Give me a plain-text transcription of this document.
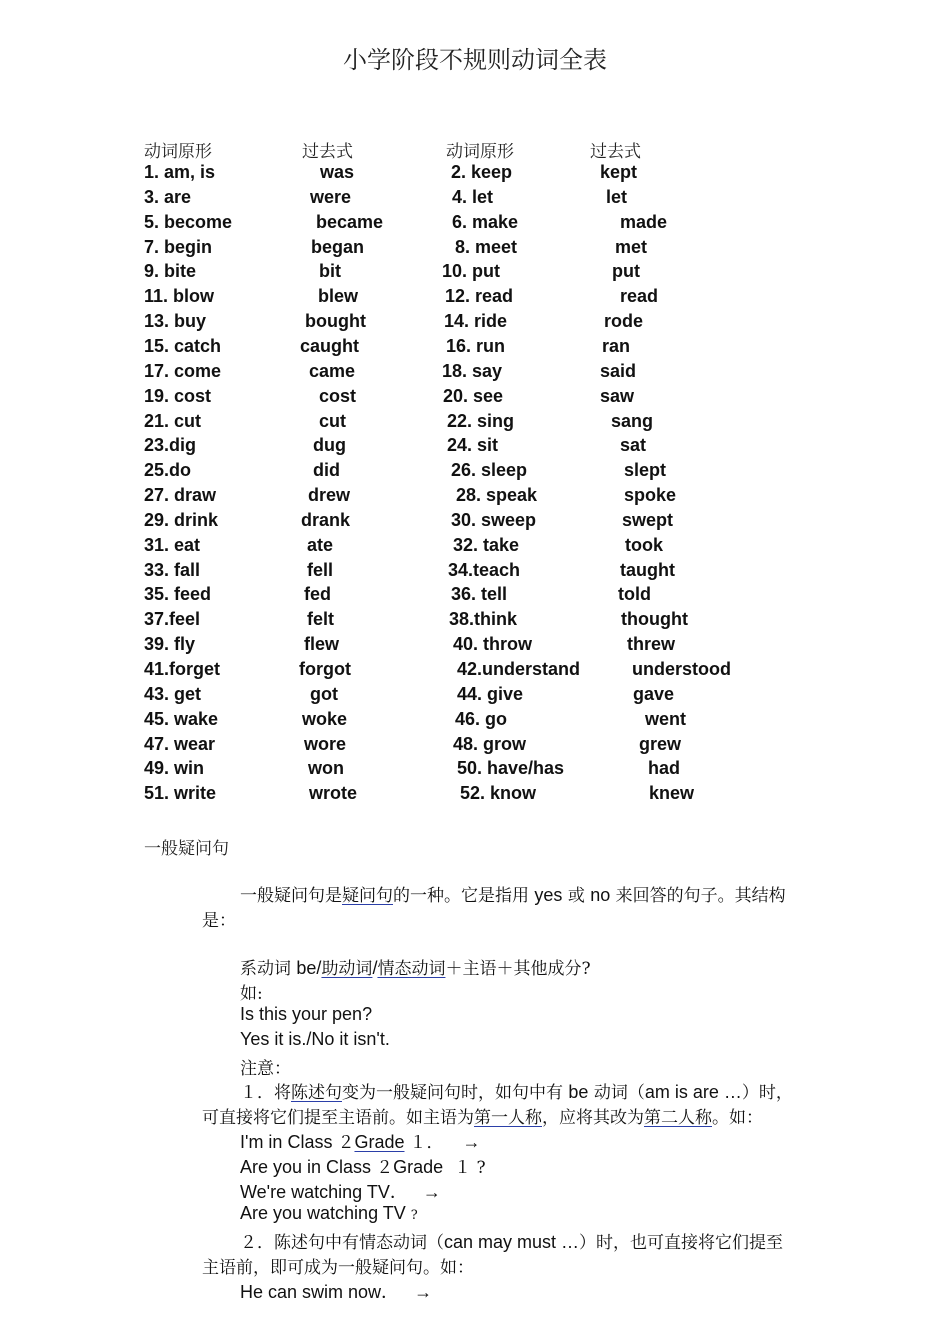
小学阶段不规则动词全表
动词原形	过去式	动词原形	过去式
1. am, is	was	2. keep	kept
3. are	were	4. let	let
5. become	became	6. make	made
7. begin	began	8. meet	met
9. bite	bit	10. put	put
11. blow	blew	12. read	read
13. buy	bought	14. ride	rode
15. catch	caught	16. run	ran
17. come	came	18. say	said
19. cost	cost	20. see	saw
21. cut	cut	22. sing	sang
23.dig	dug	24. sit	sat
25.do	did	26. sleep	slept
27. draw	drew	28. speak	spoke
29. drink	drank	30. sweep	swept
31. eat	ate	32. take	took
33. fall	fell	34.teach	taught
35. feed	fed	36. tell	told
37.feel	felt	38.think	thought
39. fly	flew	40. throw	threw
41.forget	forgot	42.understand	understood
43. get	got	44. give	gave
45. wake	woke	46. go	went
47. wear	wore	48. grow	grew
49. win	won	50. have/has	had
51. write	wrote	52. know	knew
一般疑问句
一般疑问句是疑问句的一种。它是指用 yes 或 no 来回答的句子。其结构
是：
系动词 be/助动词/情态动词＋主语＋其他成分?
如:
Is this your pen?
Yes it is./No it isn't.
注意：
１．将陈述句变为一般疑问句时，如句中有 be 动词（am is are …）时，
可直接将它们提至主语前。如主语为第一人称，应将其改为第二人称。如：
I'm in Class ２Grade １． →
Are you in Class ２Grade １ ?
We're watching TV． →
Are you watching TV ?
２．陈述句中有情态动词（can may must …）时，也可直接将它们提至
主语前，即可成为一般疑问句。如：
He can swim now． →
